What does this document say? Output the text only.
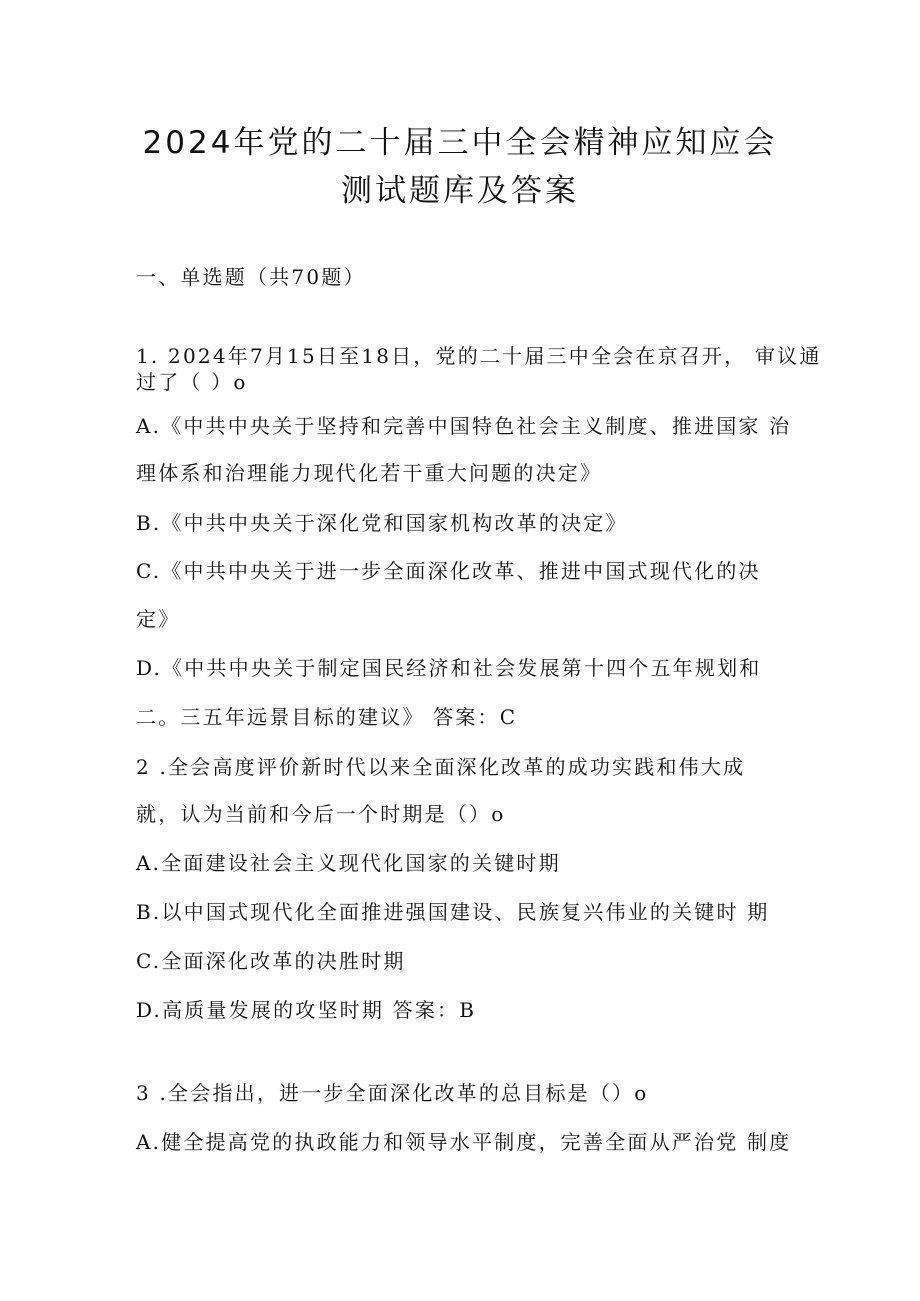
2024年党的二十届三中全会精神应知应会
测试题库及答案
一、单选题（共70题）
1. 2024年7月15日至18日，党的二十届三中全会在京召开， 审议通
过了（ ）o
A.《中共中央关于坚持和完善中国特色社会主义制度、推进国家 治
理体系和治理能力现代化若干重大问题的决定》
B.《中共中央关于深化党和国家机构改革的决定》
C.《中共中央关于进一步全面深化改革、推进中国式现代化的决
定》
D.《中共中央关于制定国民经济和社会发展第十四个五年规划和
二。三五年远景目标的建议》 答案：C
2 .全会高度评价新时代以来全面深化改革的成功实践和伟大成
就，认为当前和今后一个时期是（）o
A.全面建设社会主义现代化国家的关键时期
B.以中国式现代化全面推进强国建设、民族复兴伟业的关键时 期
C.全面深化改革的决胜时期
D.高质量发展的攻坚时期 答案：B
3 .全会指出，进一步全面深化改革的总目标是（）o
A.健全提高党的执政能力和领导水平制度，完善全面从严治党 制度
